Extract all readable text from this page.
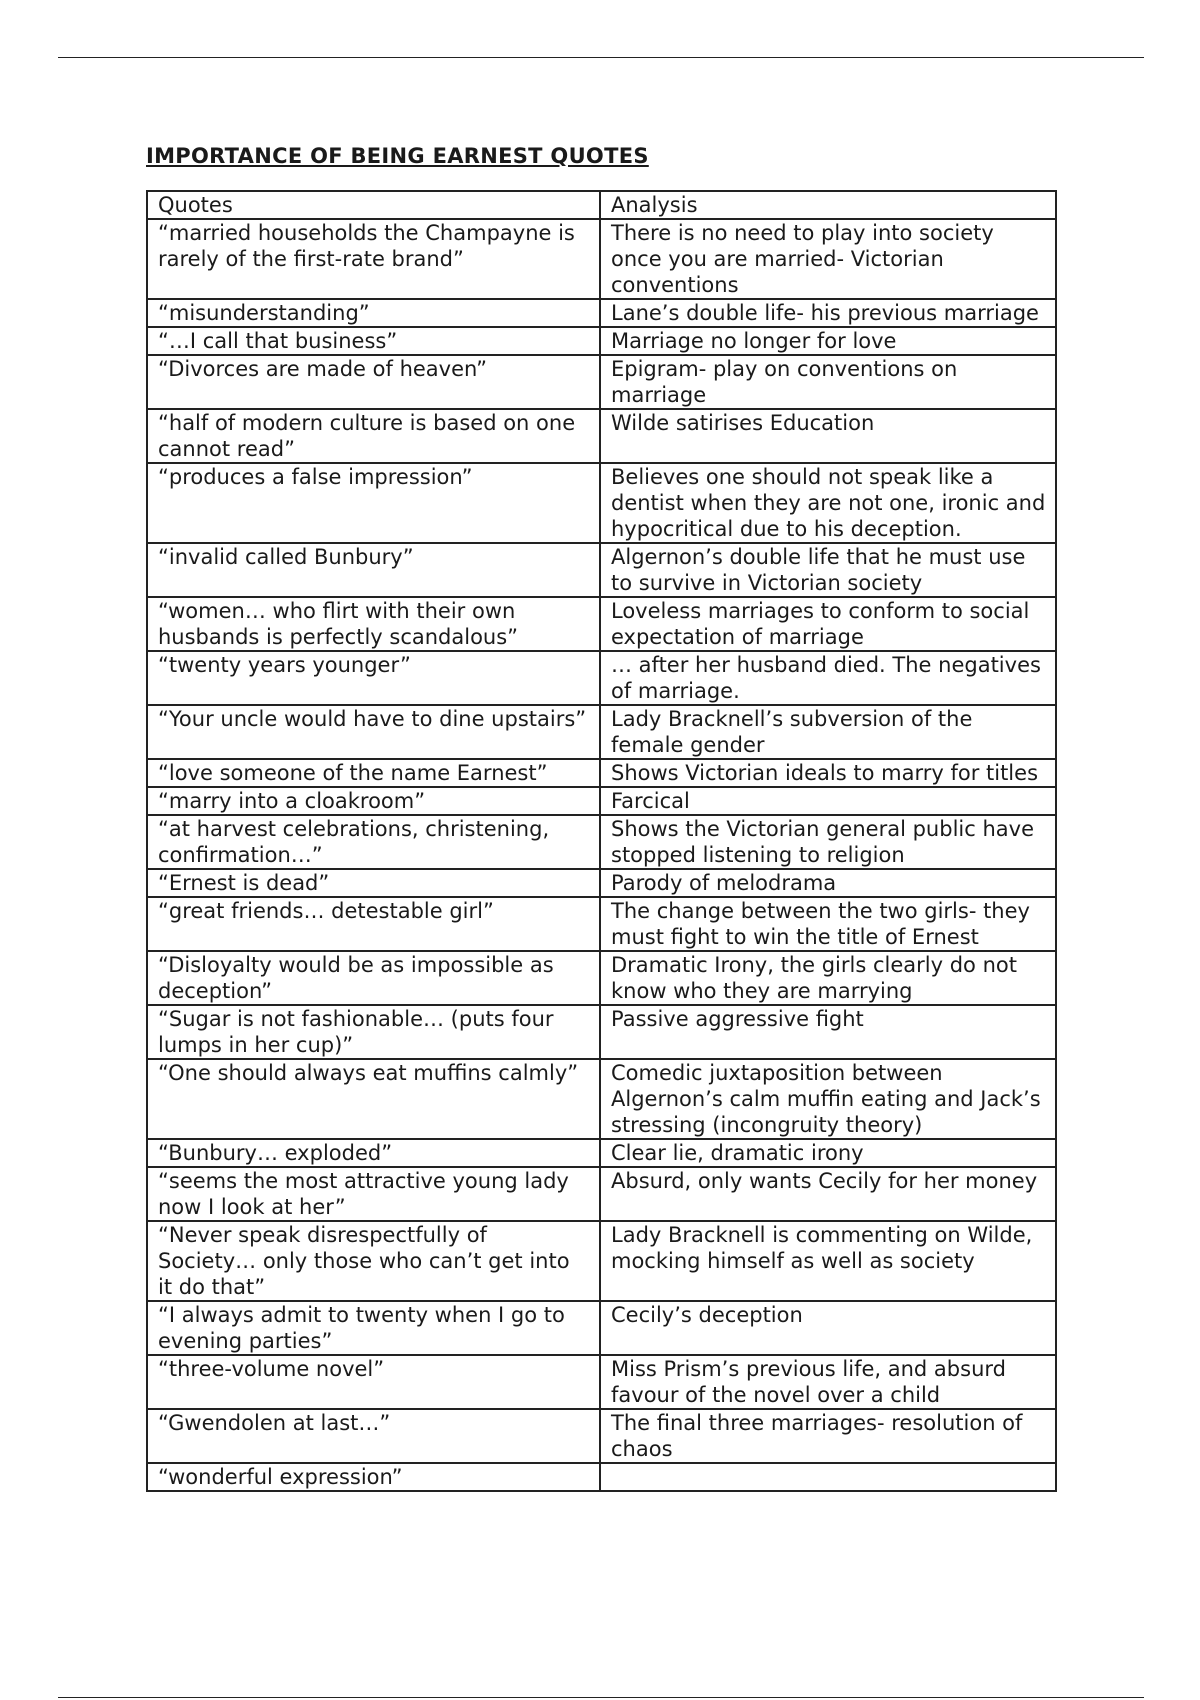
IMPORTANCE OF BEING EARNEST QUOTES
Quotes	Analysis
“married households the Champayne is rarely of the first-rate brand”	There is no need to play into society once you are married- Victorian conventions
“misunderstanding”	Lane’s double life- his previous marriage
“…I call that business”	Marriage no longer for love
“Divorces are made of heaven”	Epigram- play on conventions on marriage
“half of modern culture is based on one cannot read”	Wilde satirises Education
“produces a false impression”	Believes one should not speak like a dentist when they are not one, ironic and hypocritical due to his deception.
“invalid called Bunbury”	Algernon’s double life that he must use to survive in Victorian society
“women… who flirt with their own husbands is perfectly scandalous”	Loveless marriages to conform to social expectation of marriage
“twenty years younger”	… after her husband died. The negatives of marriage.
“Your uncle would have to dine upstairs”	Lady Bracknell’s subversion of the female gender
“love someone of the name Earnest”	Shows Victorian ideals to marry for titles
“marry into a cloakroom”	Farcical
“at harvest celebrations, christening, confirmation…”	Shows the Victorian general public have stopped listening to religion
“Ernest is dead”	Parody of melodrama
“great friends… detestable girl”	The change between the two girls- they must fight to win the title of Ernest
“Disloyalty would be as impossible as deception”	Dramatic Irony, the girls clearly do not know who they are marrying
“Sugar is not fashionable… (puts four lumps in her cup)”	Passive aggressive fight
“One should always eat muffins calmly”	Comedic juxtaposition between Algernon’s calm muffin eating and Jack’s stressing (incongruity theory)
“Bunbury… exploded”	Clear lie, dramatic irony
“seems the most attractive young lady now I look at her”	Absurd, only wants Cecily for her money
“Never speak disrespectfully of Society… only those who can’t get into it do that”	Lady Bracknell is commenting on Wilde, mocking himself as well as society
“I always admit to twenty when I go to evening parties”	Cecily’s deception
“three-volume novel”	Miss Prism’s previous life, and absurd favour of the novel over a child
“Gwendolen at last…”	The final three marriages- resolution of chaos
“wonderful expression”	
